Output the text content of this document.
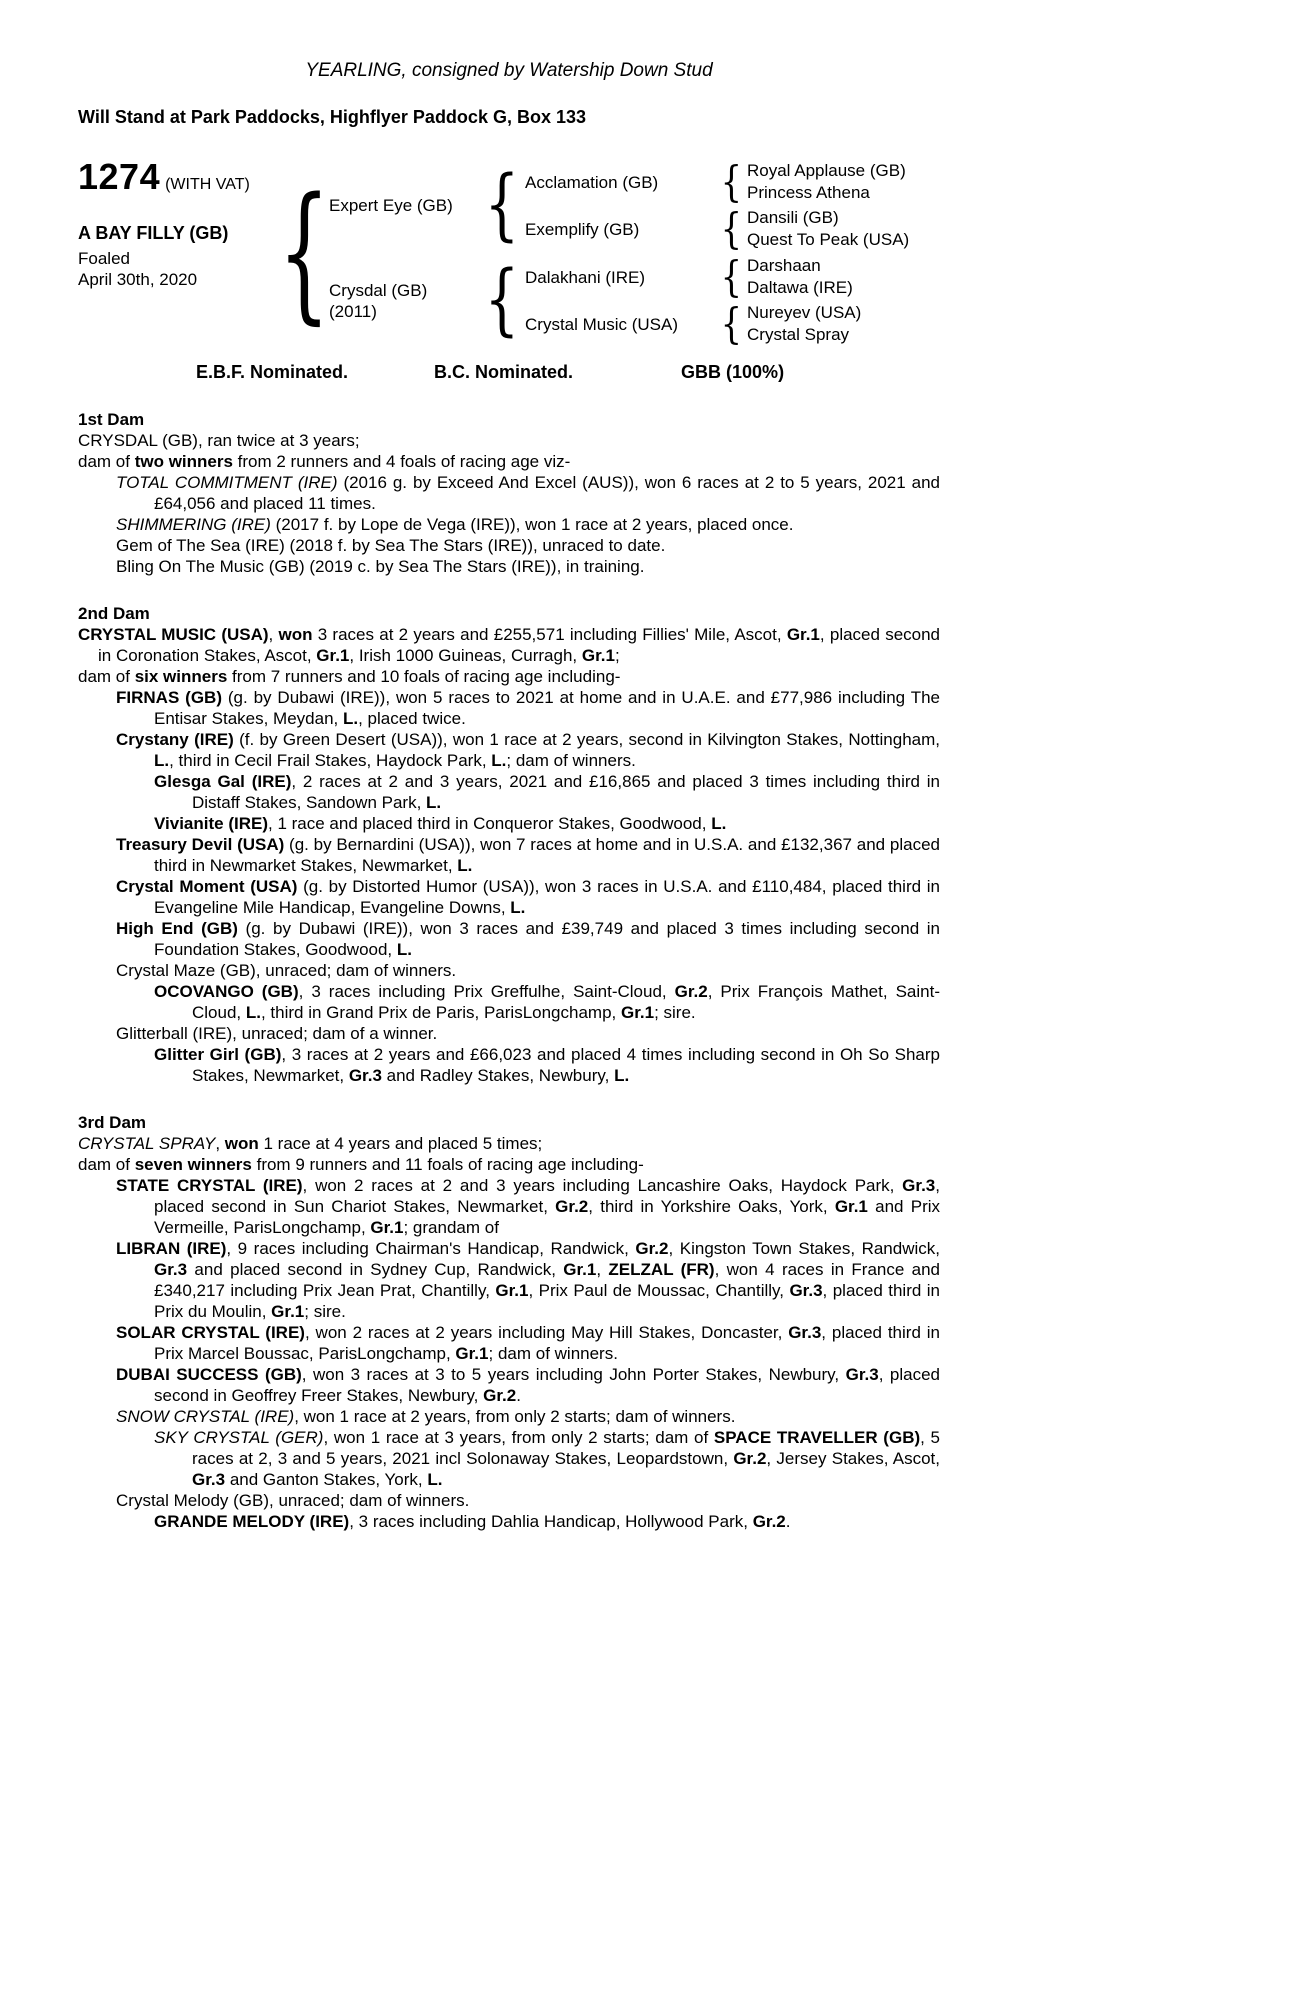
YEARLING, consigned by Watership Down Stud
Will Stand at Park Paddocks, Highflyer Paddock G, Box 133
1274 (WITH VAT)
A BAY FILLY (GB)
Foaled
April 30th, 2020
{
Expert Eye (GB)
{
Acclamation (GB)
{
Royal Applause (GB)
Princess Athena
Exemplify (GB)
{
Dansili (GB)
Quest To Peak (USA)
Crysdal (GB)
(2011)
{
Dalakhani (IRE)
{
Darshaan
Daltawa (IRE)
Crystal Music (USA)
{
Nureyev (USA)
Crystal Spray
E.B.F. Nominated.	B.C. Nominated.	GBB (100%)
1st Dam

CRYSDAL (GB), ran twice at 3 years;

dam of two winners from 2 runners and 4 foals of racing age viz-

TOTAL COMMITMENT (IRE) (2016 g. by Exceed And Excel (AUS)), won 6 races at 2 to 5 years, 2021 and £64,056 and placed 11 times.

SHIMMERING (IRE) (2017 f. by Lope de Vega (IRE)), won 1 race at 2 years, placed once.

Gem of The Sea (IRE) (2018 f. by Sea The Stars (IRE)), unraced to date.

Bling On The Music (GB) (2019 c. by Sea The Stars (IRE)), in training.

2nd Dam

CRYSTAL MUSIC (USA), won 3 races at 2 years and £255,571 including Fillies' Mile, Ascot, Gr.1, placed second in Coronation Stakes, Ascot, Gr.1, Irish 1000 Guineas, Curragh, Gr.1;

dam of six winners from 7 runners and 10 foals of racing age including-

FIRNAS (GB) (g. by Dubawi (IRE)), won 5 races to 2021 at home and in U.A.E. and £77,986 including The Entisar Stakes, Meydan, L., placed twice.

Crystany (IRE) (f. by Green Desert (USA)), won 1 race at 2 years, second in Kilvington Stakes, Nottingham, L., third in Cecil Frail Stakes, Haydock Park, L.; dam of winners.

Glesga Gal (IRE), 2 races at 2 and 3 years, 2021 and £16,865 and placed 3 times including third in Distaff Stakes, Sandown Park, L.

Vivianite (IRE), 1 race and placed third in Conqueror Stakes, Goodwood, L.

Treasury Devil (USA) (g. by Bernardini (USA)), won 7 races at home and in U.S.A. and £132,367 and placed third in Newmarket Stakes, Newmarket, L.

Crystal Moment (USA) (g. by Distorted Humor (USA)), won 3 races in U.S.A. and £110,484, placed third in Evangeline Mile Handicap, Evangeline Downs, L.

High End (GB) (g. by Dubawi (IRE)), won 3 races and £39,749 and placed 3 times including second in Foundation Stakes, Goodwood, L.

Crystal Maze (GB), unraced; dam of winners.

OCOVANGO (GB), 3 races including Prix Greffulhe, Saint-Cloud, Gr.2, Prix François Mathet, Saint-Cloud, L., third in Grand Prix de Paris, ParisLongchamp, Gr.1; sire.

Glitterball (IRE), unraced; dam of a winner.

Glitter Girl (GB), 3 races at 2 years and £66,023 and placed 4 times including second in Oh So Sharp Stakes, Newmarket, Gr.3 and Radley Stakes, Newbury, L.

3rd Dam

CRYSTAL SPRAY, won 1 race at 4 years and placed 5 times;

dam of seven winners from 9 runners and 11 foals of racing age including-

STATE CRYSTAL (IRE), won 2 races at 2 and 3 years including Lancashire Oaks, Haydock Park, Gr.3, placed second in Sun Chariot Stakes, Newmarket, Gr.2, third in Yorkshire Oaks, York, Gr.1 and Prix Vermeille, ParisLongchamp, Gr.1; grandam of

LIBRAN (IRE), 9 races including Chairman's Handicap, Randwick, Gr.2, Kingston Town Stakes, Randwick, Gr.3 and placed second in Sydney Cup, Randwick, Gr.1, ZELZAL (FR), won 4 races in France and £340,217 including Prix Jean Prat, Chantilly, Gr.1, Prix Paul de Moussac, Chantilly, Gr.3, placed third in Prix du Moulin, Gr.1; sire.

SOLAR CRYSTAL (IRE), won 2 races at 2 years including May Hill Stakes, Doncaster, Gr.3, placed third in Prix Marcel Boussac, ParisLongchamp, Gr.1; dam of winners.

DUBAI SUCCESS (GB), won 3 races at 3 to 5 years including John Porter Stakes, Newbury, Gr.3, placed second in Geoffrey Freer Stakes, Newbury, Gr.2.

SNOW CRYSTAL (IRE), won 1 race at 2 years, from only 2 starts; dam of winners.

SKY CRYSTAL (GER), won 1 race at 3 years, from only 2 starts; dam of SPACE TRAVELLER (GB), 5 races at 2, 3 and 5 years, 2021 incl Solonaway Stakes, Leopardstown, Gr.2, Jersey Stakes, Ascot, Gr.3 and Ganton Stakes, York, L.

Crystal Melody (GB), unraced; dam of winners.

GRANDE MELODY (IRE), 3 races including Dahlia Handicap, Hollywood Park, Gr.2.
